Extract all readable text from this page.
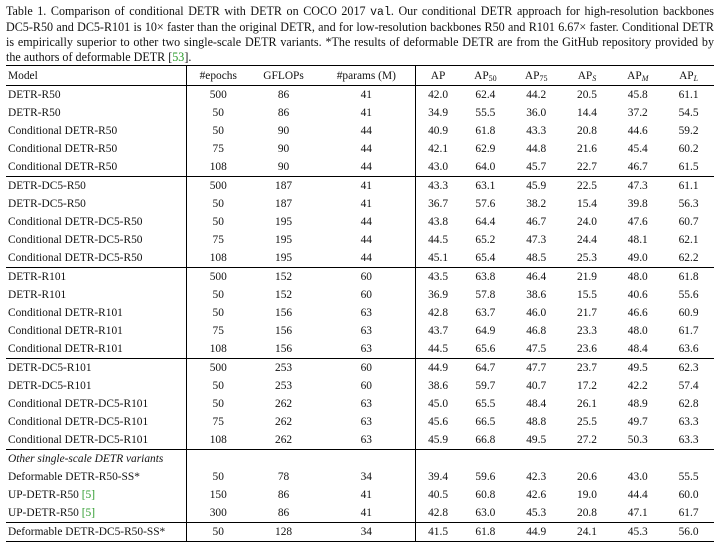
Table 1. Comparison of conditional DETR with DETR on COCO 2017 val. Our conditional DETR approach for high-resolution backbones DC5-R50 and DC5-R101 is 10× faster than the original DETR, and for low-resolution backbones R50 and R101 6.67× faster. Conditional DETR is empirically superior to other two single-scale DETR variants. *The results of deformable DETR are from the GitHub repository provided by the authors of deformable DETR [53].
Model	#epochs	GFLOPs	#params (M)	AP	$AP_{50}$	$AP_{75}$	$AP_S$	$AP_M$	$AP_L$
DETR-R50	500	86	41	42.0	62.4	44.2	20.5	45.8	61.1
DETR-R50	50	86	41	34.9	55.5	36.0	14.4	37.2	54.5
Conditional DETR-R50	50	90	44	40.9	61.8	43.3	20.8	44.6	59.2
Conditional DETR-R50	75	90	44	42.1	62.9	44.8	21.6	45.4	60.2
Conditional DETR-R50	108	90	44	43.0	64.0	45.7	22.7	46.7	61.5
DETR-DC5-R50	500	187	41	43.3	63.1	45.9	22.5	47.3	61.1
DETR-DC5-R50	50	187	41	36.7	57.6	38.2	15.4	39.8	56.3
Conditional DETR-DC5-R50	50	195	44	43.8	64.4	46.7	24.0	47.6	60.7
Conditional DETR-DC5-R50	75	195	44	44.5	65.2	47.3	24.4	48.1	62.1
Conditional DETR-DC5-R50	108	195	44	45.1	65.4	48.5	25.3	49.0	62.2
DETR-R101	500	152	60	43.5	63.8	46.4	21.9	48.0	61.8
DETR-R101	50	152	60	36.9	57.8	38.6	15.5	40.6	55.6
Conditional DETR-R101	50	156	63	42.8	63.7	46.0	21.7	46.6	60.9
Conditional DETR-R101	75	156	63	43.7	64.9	46.8	23.3	48.0	61.7
Conditional DETR-R101	108	156	63	44.5	65.6	47.5	23.6	48.4	63.6
DETR-DC5-R101	500	253	60	44.9	64.7	47.7	23.7	49.5	62.3
DETR-DC5-R101	50	253	60	38.6	59.7	40.7	17.2	42.2	57.4
Conditional DETR-DC5-R101	50	262	63	45.0	65.5	48.4	26.1	48.9	62.8
Conditional DETR-DC5-R101	75	262	63	45.6	66.5	48.8	25.5	49.7	63.3
Conditional DETR-DC5-R101	108	262	63	45.9	66.8	49.5	27.2	50.3	63.3
Other single-scale DETR variants									
Deformable DETR-R50-SS*	50	78	34	39.4	59.6	42.3	20.6	43.0	55.5
UP-DETR-R50 [5]	150	86	41	40.5	60.8	42.6	19.0	44.4	60.0
UP-DETR-R50 [5]	300	86	41	42.8	63.0	45.3	20.8	47.1	61.7
Deformable DETR-DC5-R50-SS*	50	128	34	41.5	61.8	44.9	24.1	45.3	56.0
